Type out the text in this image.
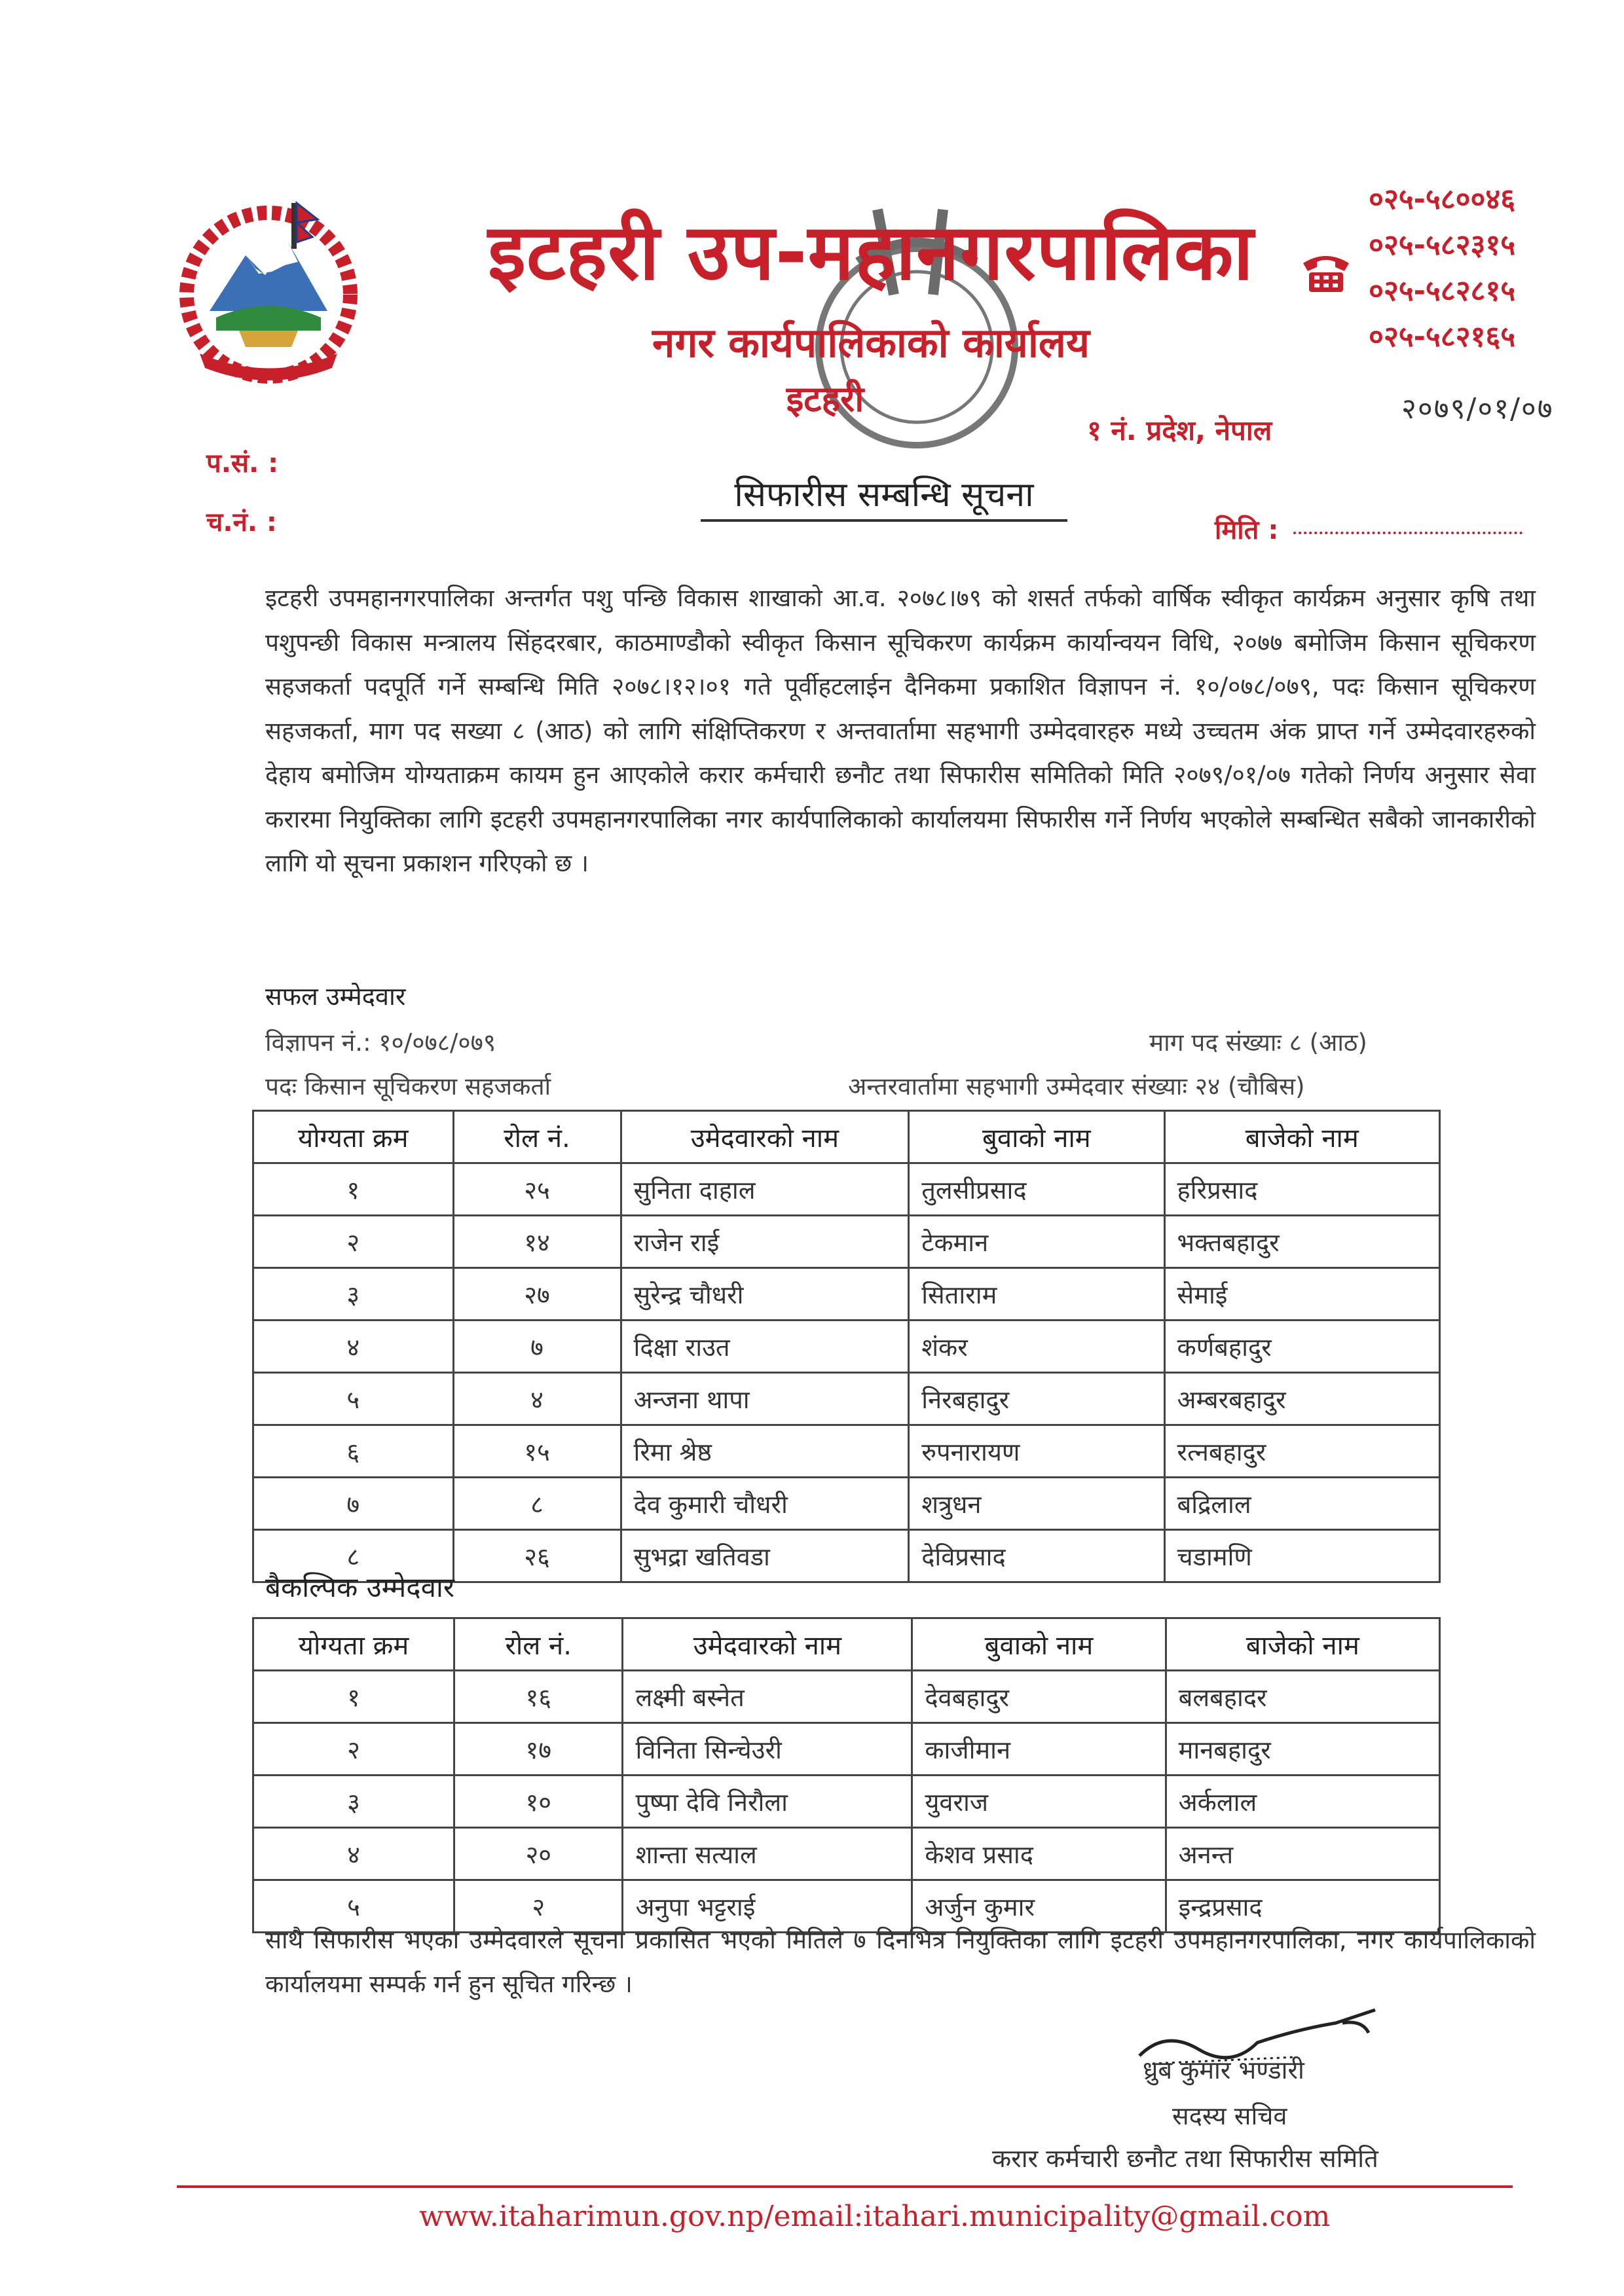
इटहरी उप-महानगरपालिका
नगर कार्यपालिकाको कार्यालय
इटहरी
१ नं. प्रदेश, नेपाल
०२५-५८००४६
०२५-५८२३१५
०२५-५८२८१५
०२५-५८२१६५
२०७९/०१/०७
प.सं. :
च.नं. :
सिफारीस सम्बन्धि सूचना
मिति :
इटहरी उपमहानगरपालिका अन्तर्गत पशु पन्छि विकास शाखाको आ.व. २०७८।७९ को शसर्त तर्फको वार्षिक स्वीकृत कार्यक्रम अनुसार कृषि तथा पशुपन्छी विकास मन्त्रालय सिंहदरबार, काठमाण्डौको स्वीकृत किसान सूचिकरण कार्यक्रम कार्यान्वयन विधि, २०७७ बमोजिम किसान सूचिकरण सहजकर्ता पदपूर्ति गर्ने सम्बन्धि मिति २०७८।१२।०१ गते पूर्वीहटलाईन दैनिकमा प्रकाशित विज्ञापन नं. १०/०७८/०७९, पदः किसान सूचिकरण सहजकर्ता, माग पद सख्या ८ (आठ) को लागि संक्षिप्तिकरण र अन्तवार्तामा सहभागी उम्मेदवारहरु मध्ये उच्चतम अंक प्राप्त गर्ने उम्मेदवारहरुको देहाय बमोजिम योग्यताक्रम कायम हुन आएकोले करार कर्मचारी छनौट तथा सिफारीस समितिको मिति २०७९/०१/०७ गतेको निर्णय अनुसार सेवा करारमा नियुक्तिका लागि इटहरी उपमहानगरपालिका नगर कार्यपालिकाको कार्यालयमा सिफारीस गर्ने निर्णय भएकोले सम्बन्धित सबैको जानकारीको लागि यो सूचना प्रकाशन गरिएको छ ।
सफल उम्मेदवार
विज्ञापन नं.: १०/०७८/०७९
पदः किसान सूचिकरण सहजकर्ता
माग पद संख्याः ८ (आठ)
अन्तरवार्तामा सहभागी उम्मेदवार संख्याः २४ (चौबिस)
योग्यता क्रम	रोल नं.	उमेदवारको नाम	बुवाको नाम	बाजेको नाम
१	२५	सुनिता दाहाल	तुलसीप्रसाद	हरिप्रसाद
२	१४	राजेन राई	टेकमान	भक्तबहादुर
३	२७	सुरेन्द्र चौधरी	सिताराम	सेमाई
४	७	दिक्षा राउत	शंकर	कर्णबहादुर
५	४	अन्जना थापा	निरबहादुर	अम्बरबहादुर
६	१५	रिमा श्रेष्ठ	रुपनारायण	रत्नबहादुर
७	८	देव कुमारी चौधरी	शत्रुधन	बद्रिलाल
८	२६	सुभद्रा खतिवडा	देविप्रसाद	चडामणि
बैकल्पिक उम्मेदवार
योग्यता क्रम	रोल नं.	उमेदवारको नाम	बुवाको नाम	बाजेको नाम
१	१६	लक्ष्मी बस्नेत	देवबहादुर	बलबहादर
२	१७	विनिता सिन्चेउरी	काजीमान	मानबहादुर
३	१०	पुष्पा देवि निरौला	युवराज	अर्कलाल
४	२०	शान्ता सत्याल	केशव प्रसाद	अनन्त
५	२	अनुपा भट्टराई	अर्जुन कुमार	इन्द्रप्रसाद
साथै सिफारीस भएका उम्मेदवारले सूचना प्रकासित भएको मितिले ७ दिनभित्र नियुक्तिका लागि इटहरी उपमहानगरपालिका, नगर कार्यपालिकाको कार्यालयमा सम्पर्क गर्न हुन सूचित गरिन्छ ।
ध्रुब कुमार भण्डारी
सदस्य सचिव
करार कर्मचारी छनौट तथा सिफारीस समिति
www.itaharimun.gov.np/email:itahari.municipality@gmail.com
